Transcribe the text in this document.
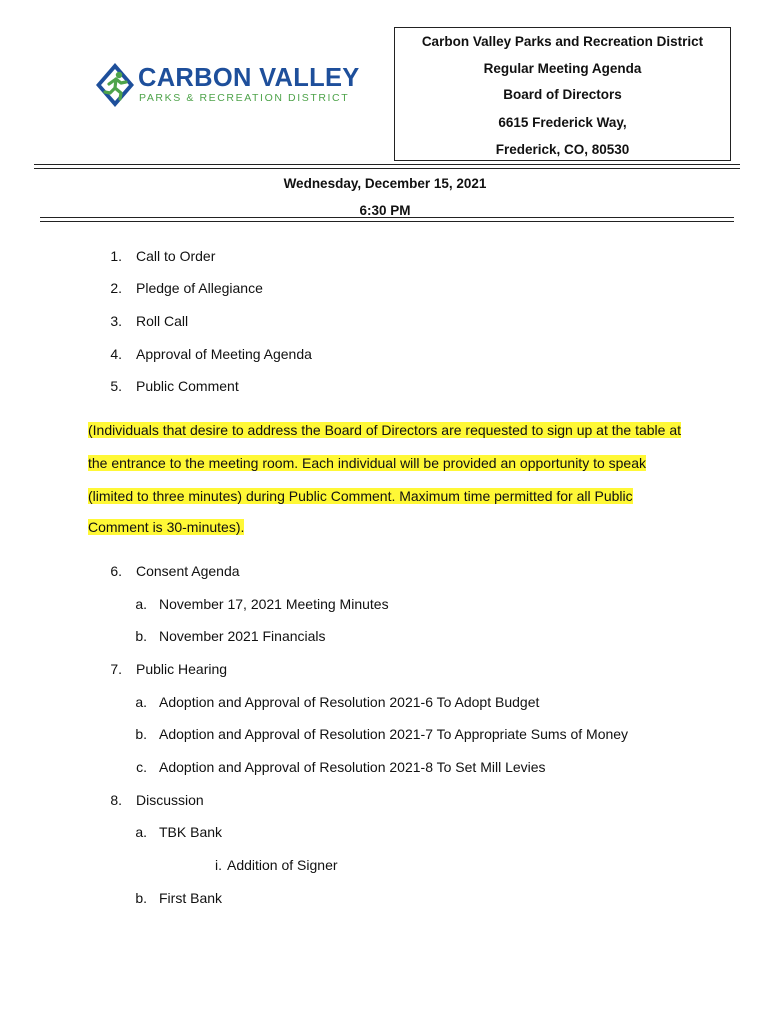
CARBON VALLEY
PARKS & RECREATION DISTRICT
Carbon Valley Parks and Recreation District
Regular Meeting Agenda
Board of Directors
6615 Frederick Way,
Frederick, CO, 80530
Wednesday, December 15, 2021
6:30 PM
1. Call to Order
2. Pledge of Allegiance
3. Roll Call
4. Approval of Meeting Agenda
5. Public Comment
(Individuals that desire to address the Board of Directors are requested to sign up at the table at
the entrance to the meeting room. Each individual will be provided an opportunity to speak
(limited to three minutes) during Public Comment. Maximum time permitted for all Public
Comment is 30-minutes).
6. Consent Agenda
a. November 17, 2021 Meeting Minutes
b. November 2021 Financials
7. Public Hearing
a. Adoption and Approval of Resolution 2021-6 To Adopt Budget
b. Adoption and Approval of Resolution 2021-7 To Appropriate Sums of Money
c. Adoption and Approval of Resolution 2021-8 To Set Mill Levies
8. Discussion
a. TBK Bank
i. Addition of Signer
b. First Bank
